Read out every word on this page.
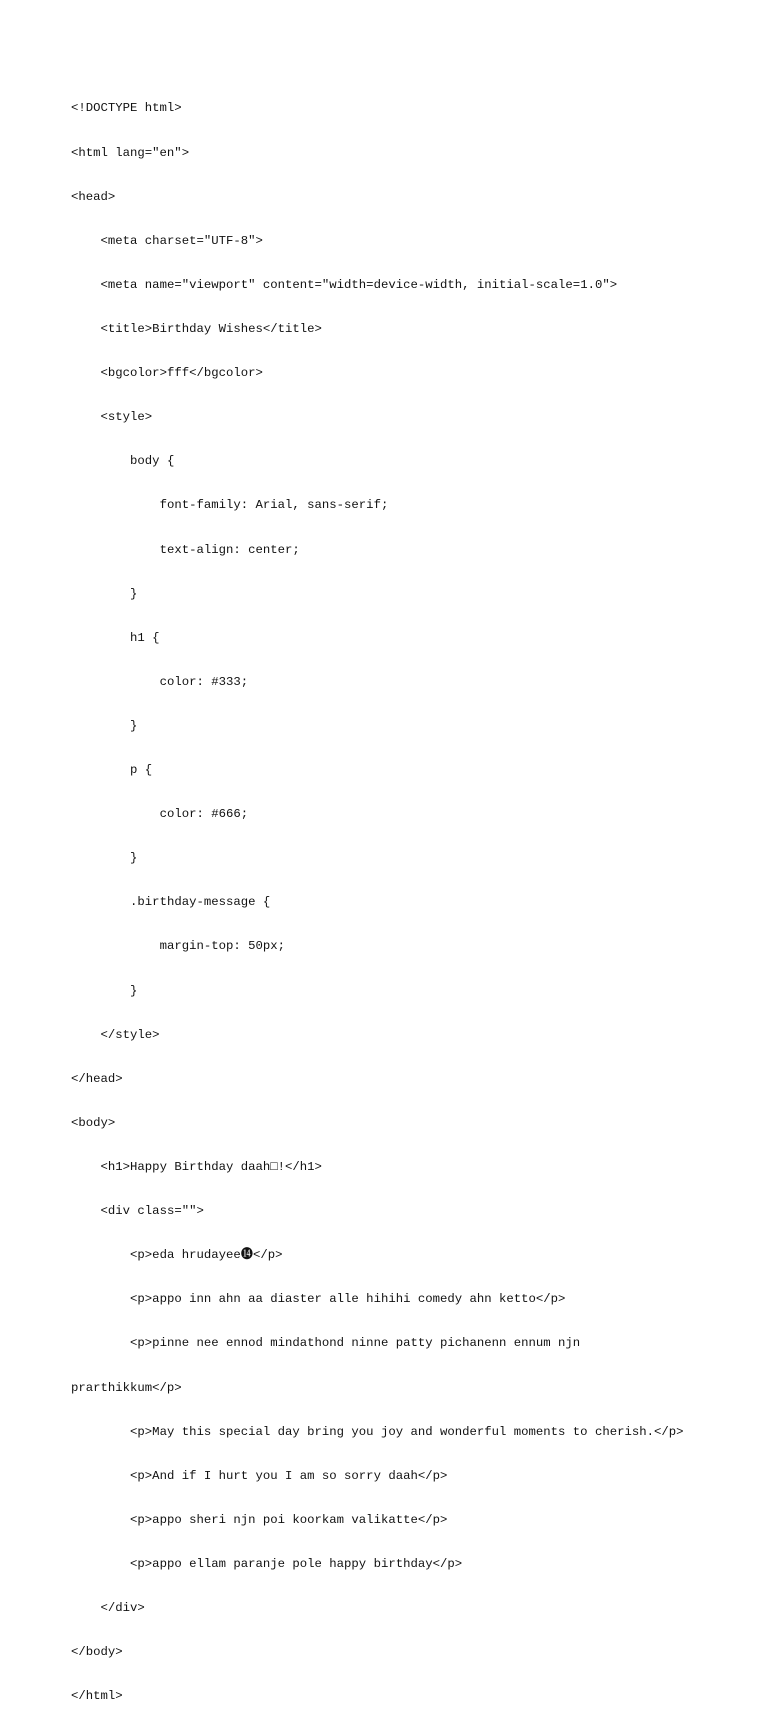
<!DOCTYPE html>

<html lang="en">

<head>

<meta charset="UTF-8">

<meta name="viewport" content="width=device-width, initial-scale=1.0">

<title>Birthday Wishes</title>

<bgcolor>fff</bgcolor>

<style>

body {

font-family: Arial, sans-serif;

text-align: center;

}

h1 {

color: #333;

}

p {

color: #666;

}

.birthday-message {

margin-top: 50px;

}

</style>

</head>

<body>

<h1>Happy Birthday daah□!</h1>

<div class="">

<p>eda hrudayee⓮</p>

<p>appo inn ahn aa diaster alle hihihi comedy ahn ketto</p>

<p>pinne nee ennod mindathond ninne patty pichanenn ennum njn

prarthikkum</p>

<p>May this special day bring you joy and wonderful moments to cherish.</p>

<p>And if I hurt you I am so sorry daah</p>

<p>appo sheri njn poi koorkam valikatte</p>

<p>appo ellam paranje pole happy birthday</p>

</div>

</body>

</html>
